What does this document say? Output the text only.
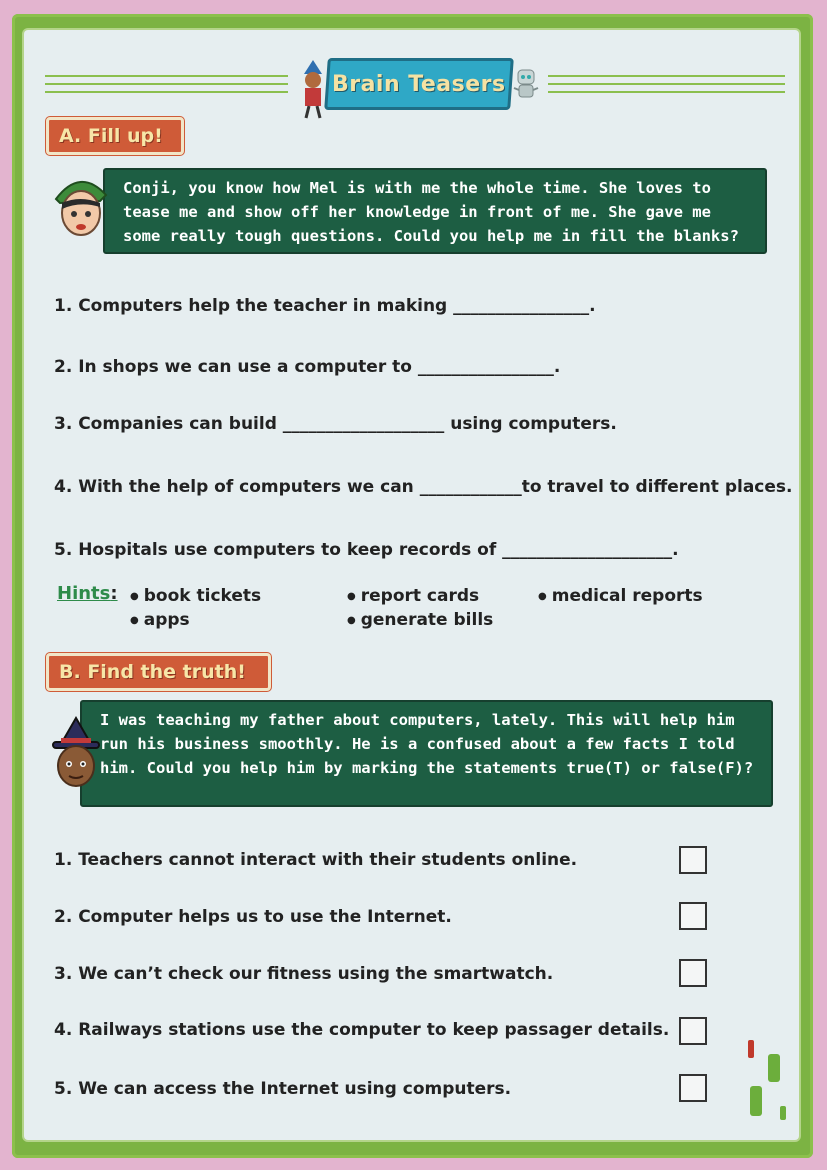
Brain Teasers
A. Fill up!
Conji, you know how Mel is with me the whole time. She loves to tease me and show off her knowledge in front of me. She gave me some really tough questions. Could you help me in fill the blanks?
1. Computers help the teacher in making ________________.
2. In shops we can use a computer to ________________.
3. Companies can build ___________________ using computers.
4. With the help of computers we can ____________to travel to different places.
5. Hospitals use computers to keep records of ____________________.
Hints:	● book tickets	● report cards	● medical reports
● apps	● generate bills
B. Find the truth!
I was teaching my father about computers, lately. This will help him run his business smoothly. He is a confused about a few facts I told him. Could you help him by marking the statements true(T) or false(F)?
1. Teachers cannot interact with their students online.
2. Computer helps us to use the Internet.
3. We can’t check our fitness using the smartwatch.
4. Railways stations use the computer to keep passager details.
5. We can access the Internet using computers.
